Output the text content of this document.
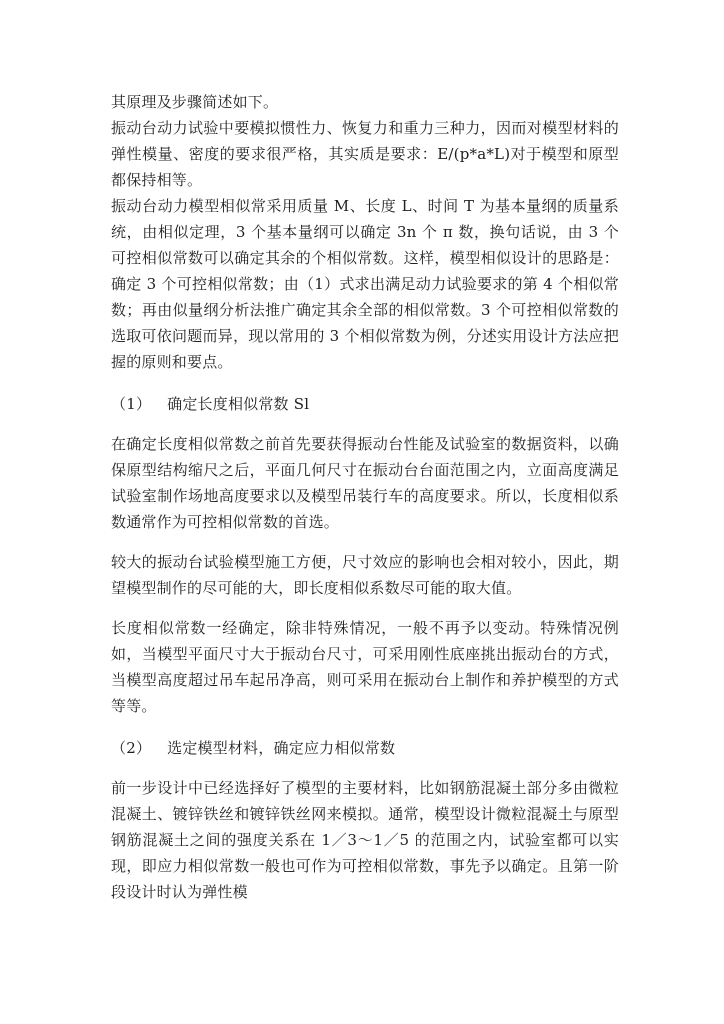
其原理及步骤简述如下。

振动台动力试验中要模拟惯性力、恢复力和重力三种力，因而对模型材料的弹性模量、密度的要求很严格，其实质是要求：E/(p*a*L)对于模型和原型都保持相等。

振动台动力模型相似常采用质量 M、长度 L、时间 T 为基本量纲的质量系统，由相似定理，3 个基本量纲可以确定 3n 个 π 数，换句话说，由 3 个可控相似常数可以确定其余的个相似常数。这样，模型相似设计的思路是：确定 3 个可控相似常数；由（1）式求出满足动力试验要求的第 4 个相似常数；再由似量纲分析法推广确定其余全部的相似常数。3 个可控相似常数的选取可依问题而异，现以常用的 3 个相似常数为例，分述实用设计方法应把握的原则和要点。

（1） 确定长度相似常数 Sl

在确定长度相似常数之前首先要获得振动台性能及试验室的数据资料，以确保原型结构缩尺之后，平面几何尺寸在振动台台面范围之内，立面高度满足试验室制作场地高度要求以及模型吊装行车的高度要求。所以，长度相似系数通常作为可控相似常数的首选。

较大的振动台试验模型施工方便，尺寸效应的影响也会相对较小，因此，期望模型制作的尽可能的大，即长度相似系数尽可能的取大值。

长度相似常数一经确定，除非特殊情况，一般不再予以变动。特殊情况例如，当模型平面尺寸大于振动台尺寸，可采用刚性底座挑出振动台的方式，当模型高度超过吊车起吊净高，则可采用在振动台上制作和养护模型的方式等等。

（2） 选定模型材料，确定应力相似常数

前一步设计中已经选择好了模型的主要材料，比如钢筋混凝土部分多由微粒混凝土、镀锌铁丝和镀锌铁丝网来模拟。通常，模型设计微粒混凝土与原型钢筋混凝土之间的强度关系在 1／3～1／5 的范围之内，试验室都可以实现，即应力相似常数一般也可作为可控相似常数，事先予以确定。且第一阶段设计时认为弹性模
